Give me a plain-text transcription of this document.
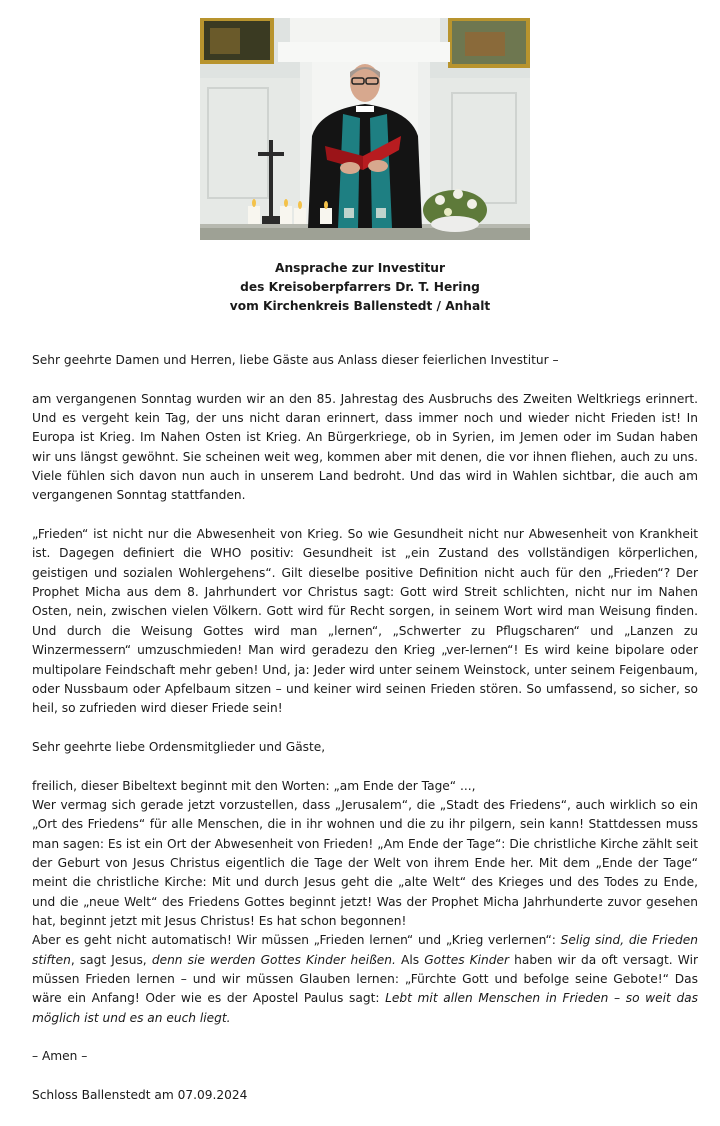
Ansprache zur Investitur
des Kreisoberpfarrers Dr. T. Hering
vom Kirchenkreis Ballenstedt / Anhalt

Sehr geehrte Damen und Herren, liebe Gäste aus Anlass dieser feierlichen Investitur –

am vergangenen Sonntag wurden wir an den 85. Jahrestag des Ausbruchs des Zweiten Weltkriegs erinnert. Und es vergeht kein Tag, der uns nicht daran erinnert, dass immer noch und wieder nicht Frieden ist! In Europa ist Krieg. Im Nahen Osten ist Krieg. An Bürgerkriege, ob in Syrien, im Jemen oder im Sudan haben wir uns längst gewöhnt. Sie scheinen weit weg, kommen aber mit denen, die vor ihnen fliehen, auch zu uns. Viele fühlen sich davon nun auch in unserem Land bedroht. Und das wird in Wahlen sichtbar, die auch am vergangenen Sonntag stattfanden.

„Frieden“ ist nicht nur die Abwesenheit von Krieg. So wie Gesundheit nicht nur Abwesenheit von Krankheit ist. Dagegen definiert die WHO positiv: Gesundheit ist „ein Zustand des vollständigen körperlichen, geistigen und sozialen Wohlergehens“. Gilt dieselbe positive Definition nicht auch für den „Frieden“? Der Prophet Micha aus dem 8. Jahrhundert vor Christus sagt: Gott wird Streit schlichten, nicht nur im Nahen Osten, nein, zwischen vielen Völkern. Gott wird für Recht sorgen, in seinem Wort wird man Weisung finden. Und durch die Weisung Gottes wird man „lernen“, „Schwerter zu Pflugscharen“ und „Lanzen zu Winzermessern“ umzuschmieden! Man wird geradezu den Krieg „ver-lernen“! Es wird keine bipolare oder multipolare Feindschaft mehr geben! Und, ja: Jeder wird unter seinem Weinstock, unter seinem Feigenbaum, oder Nussbaum oder Apfelbaum sitzen – und keiner wird seinen Frieden stören. So umfassend, so sicher, so heil, so zufrieden wird dieser Friede sein!

Sehr geehrte liebe Ordensmitglieder und Gäste,

freilich, dieser Bibeltext beginnt mit den Worten: „am Ende der Tage“ ...,

Wer vermag sich gerade jetzt vorzustellen, dass „Jerusalem“, die „Stadt des Friedens“, auch wirklich so ein „Ort des Friedens“ für alle Menschen, die in ihr wohnen und die zu ihr pilgern, sein kann! Stattdessen muss man sagen: Es ist ein Ort der Abwesenheit von Frieden! „Am Ende der Tage“: Die christliche Kirche zählt seit der Geburt von Jesus Christus eigentlich die Tage der Welt von ihrem Ende her. Mit dem „Ende der Tage“ meint die christliche Kirche: Mit und durch Jesus geht die „alte Welt“ des Krieges und des Todes zu Ende, und die „neue Welt“ des Friedens Gottes beginnt jetzt! Was der Prophet Micha Jahrhunderte zuvor gesehen hat, beginnt jetzt mit Jesus Christus! Es hat schon begonnen!

Aber es geht nicht automatisch! Wir müssen „Frieden lernen“ und „Krieg verlernen“: Selig sind, die Frieden stiften, sagt Jesus, denn sie werden Gottes Kinder heißen. Als Gottes Kinder haben wir da oft versagt. Wir müssen Frieden lernen – und wir müssen Glauben lernen: „Fürchte Gott und befolge seine Gebote!“ Das wäre ein Anfang! Oder wie es der Apostel Paulus sagt: Lebt mit allen Menschen in Frieden – so weit das möglich ist und es an euch liegt.

– Amen –

Schloss Ballenstedt am 07.09.2024
